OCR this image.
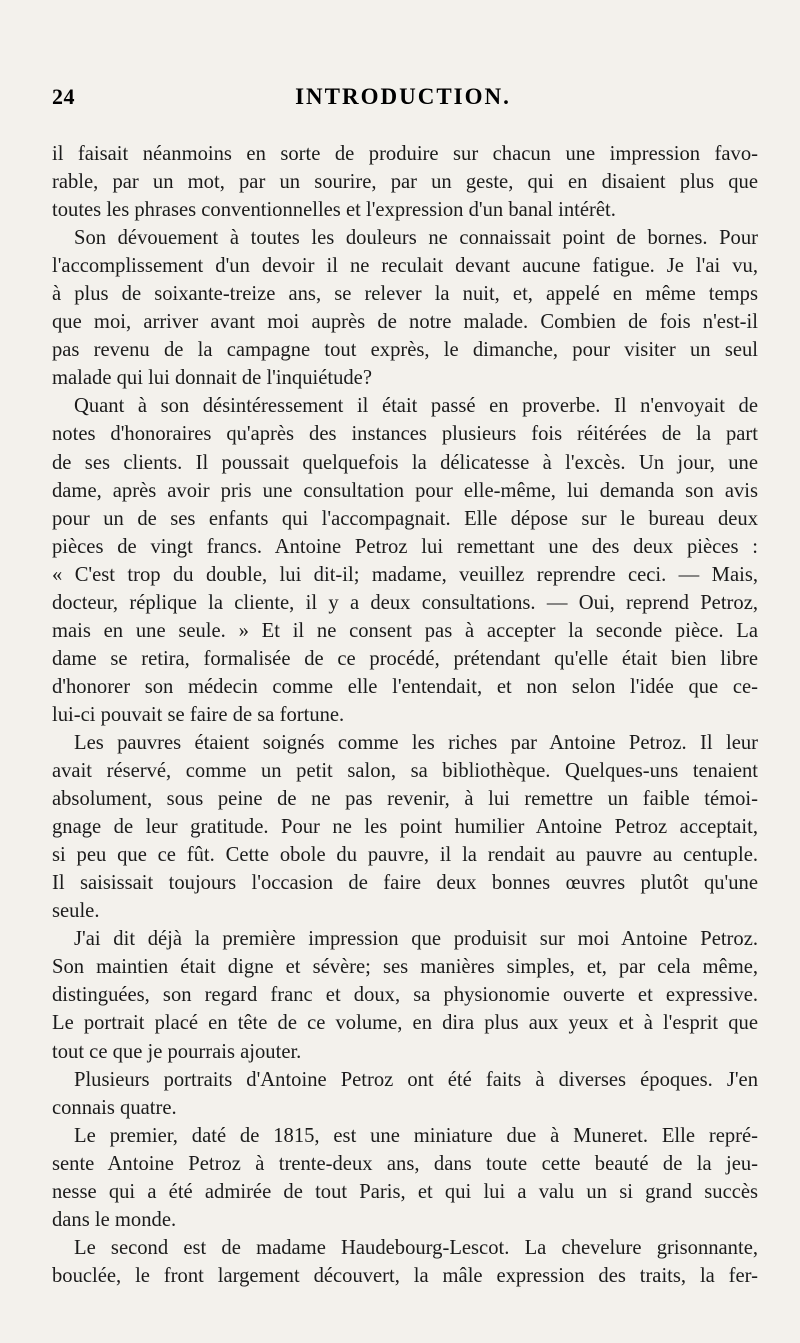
24	INTRODUCTION.
il faisait néanmoins en sorte de produire sur chacun une impression favo-
rable, par un mot, par un sourire, par un geste, qui en disaient plus que
toutes les phrases conventionnelles et l'expression d'un banal intérêt.
Son dévouement à toutes les douleurs ne connaissait point de bornes. Pour
l'accomplissement d'un devoir il ne reculait devant aucune fatigue. Je l'ai vu,
à plus de soixante-treize ans, se relever la nuit, et, appelé en même temps
que moi, arriver avant moi auprès de notre malade. Combien de fois n'est-il
pas revenu de la campagne tout exprès, le dimanche, pour visiter un seul
malade qui lui donnait de l'inquiétude?
Quant à son désintéressement il était passé en proverbe. Il n'envoyait de
notes d'honoraires qu'après des instances plusieurs fois réitérées de la part
de ses clients. Il poussait quelquefois la délicatesse à l'excès. Un jour, une
dame, après avoir pris une consultation pour elle-même, lui demanda son avis
pour un de ses enfants qui l'accompagnait. Elle dépose sur le bureau deux
pièces de vingt francs. Antoine Petroz lui remettant une des deux pièces :
« C'est trop du double, lui dit-il; madame, veuillez reprendre ceci. — Mais,
docteur, réplique la cliente, il y a deux consultations. — Oui, reprend Petroz,
mais en une seule. » Et il ne consent pas à accepter la seconde pièce. La
dame se retira, formalisée de ce procédé, prétendant qu'elle était bien libre
d'honorer son médecin comme elle l'entendait, et non selon l'idée que ce-
lui-ci pouvait se faire de sa fortune.
Les pauvres étaient soignés comme les riches par Antoine Petroz. Il leur
avait réservé, comme un petit salon, sa bibliothèque. Quelques-uns tenaient
absolument, sous peine de ne pas revenir, à lui remettre un faible témoi-
gnage de leur gratitude. Pour ne les point humilier Antoine Petroz acceptait,
si peu que ce fût. Cette obole du pauvre, il la rendait au pauvre au centuple.
Il saisissait toujours l'occasion de faire deux bonnes œuvres plutôt qu'une
seule.
J'ai dit déjà la première impression que produisit sur moi Antoine Petroz.
Son maintien était digne et sévère; ses manières simples, et, par cela même,
distinguées, son regard franc et doux, sa physionomie ouverte et expressive.
Le portrait placé en tête de ce volume, en dira plus aux yeux et à l'esprit que
tout ce que je pourrais ajouter.
Plusieurs portraits d'Antoine Petroz ont été faits à diverses époques. J'en
connais quatre.
Le premier, daté de 1815, est une miniature due à Muneret. Elle repré-
sente Antoine Petroz à trente-deux ans, dans toute cette beauté de la jeu-
nesse qui a été admirée de tout Paris, et qui lui a valu un si grand succès
dans le monde.
Le second est de madame Haudebourg-Lescot. La chevelure grisonnante,
bouclée, le front largement découvert, la mâle expression des traits, la fer-
